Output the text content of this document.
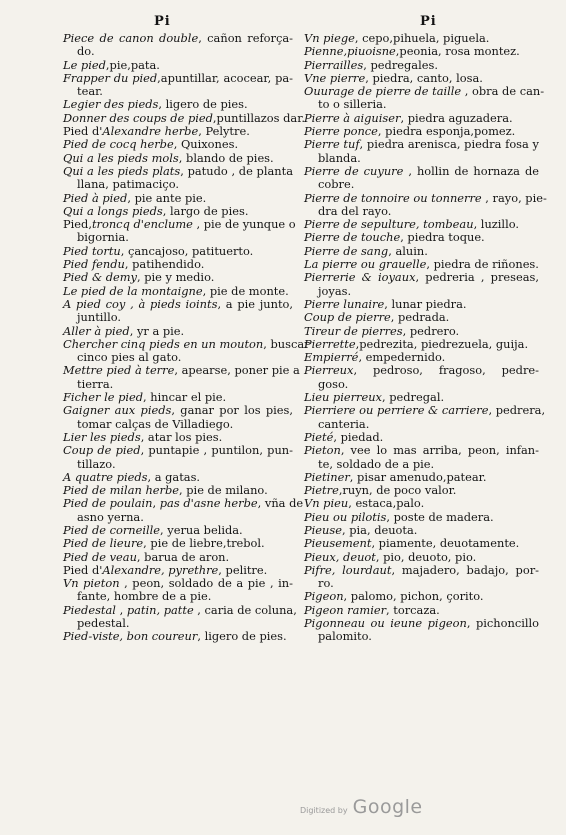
Pi	Pi
Piece de canon double, cañon reforça-
do.
Le pied,pie,pata.
Frapper du pied,apuntillar, acocear, pa-
tear.
Legier des pieds, ligero de pies.
Donner des coups de pied,puntillazos dar.
Pied d'Alexandre herbe, Pelytre.
Pied de cocq herbe, Quixones.
Qui a les pieds mols, blando de pies.
Qui a les pieds plats, patudo , de planta
llana, patimaciço.
Pied à pied, pie ante pie.
Qui a longs pieds, largo de pies.
Pied,troncq d'enclume , pie de yunque o
bigornia.
Pied tortu, çancajoso, patituerto.
Pied fendu, patihendido.
Pied & demy, pie y medio.
Le pied de la montaigne, pie de monte.
A pied coy , à pieds ioints, a pie junto,
juntillo.
Aller à pied, yr a pie.
Chercher cinq pieds en un mouton, buscar
cinco pies al gato.
Mettre pied à terre, apearse, poner pie a
tierra.
Ficher le pied, hincar el pie.
Gaigner aux pieds, ganar por los pies,
tomar calças de Villadiego.
Lier les pieds, atar los pies.
Coup de pied, puntapie , puntilon, pun-
tillazo.
A quatre pieds, a gatas.
Pied de milan herbe, pie de milano.
Pied de poulain, pas d'asne herbe, vña de
asno yerna.
Pied de corneille, yerua belida.
Pied de lieure, pie de liebre,trebol.
Pied de veau, barua de aron.
Pied d'Alexandre, pyrethre, pelitre.
Vn pieton , peon, soldado de a pie , in-
fante, hombre de a pie.
Piedestal , patin, patte , caria de coluna,
pedestal.
Pied-viste, bon coureur, ligero de pies.
Vn piege, cepo,pihuela, piguela.
Pienne,piuoisne,peonia, rosa montez.
Pierrailles, pedregales.
Vne pierre, piedra, canto, losa.
Ouurage de pierre de taille , obra de can-
to o silleria.
Pierre à aiguiser, piedra aguzadera.
Pierre ponce, piedra esponja,pomez.
Pierre tuf, piedra arenisca, piedra fosa y
blanda.
Pierre de cuyure , hollin de hornaza de
cobre.
Pierre de tonnoire ou tonnerre , rayo, pie-
dra del rayo.
Pierre de sepulture, tombeau, luzillo.
Pierre de touche, piedra toque.
Pierre de sang, aluin.
La pierre ou grauelle, piedra de riñones.
Pierrerie & ioyaux, pedreria , preseas,
joyas.
Pierre lunaire, lunar piedra.
Coup de pierre, pedrada.
Tireur de pierres, pedrero.
Pierrette,pedrezita, piedrezuela, guija.
Empierré, empedernido.
Pierreux, pedroso, fragoso, pedre-
goso.
Lieu pierreux, pedregal.
Pierriere ou perriere & carriere, pedrera,
canteria.
Pieté, piedad.
Pieton, vee lo mas arriba, peon, infan-
te, soldado de a pie.
Pietiner, pisar amenudo,patear.
Pietre,ruyn, de poco valor.
Vn pieu, estaca,palo.
Pieu ou pilotis, poste de madera.
Pieuse, pia, deuota.
Pieusement, piamente, deuotamente.
Pieux, deuot, pio, deuoto, pio.
Pifre, lourdaut, majadero, badajo, por-
ro.
Pigeon, palomo, pichon, çorito.
Pigeon ramier, torcaza.
Pigonneau ou ieune pigeon, pichoncillo
palomito.
Digitized by Google
